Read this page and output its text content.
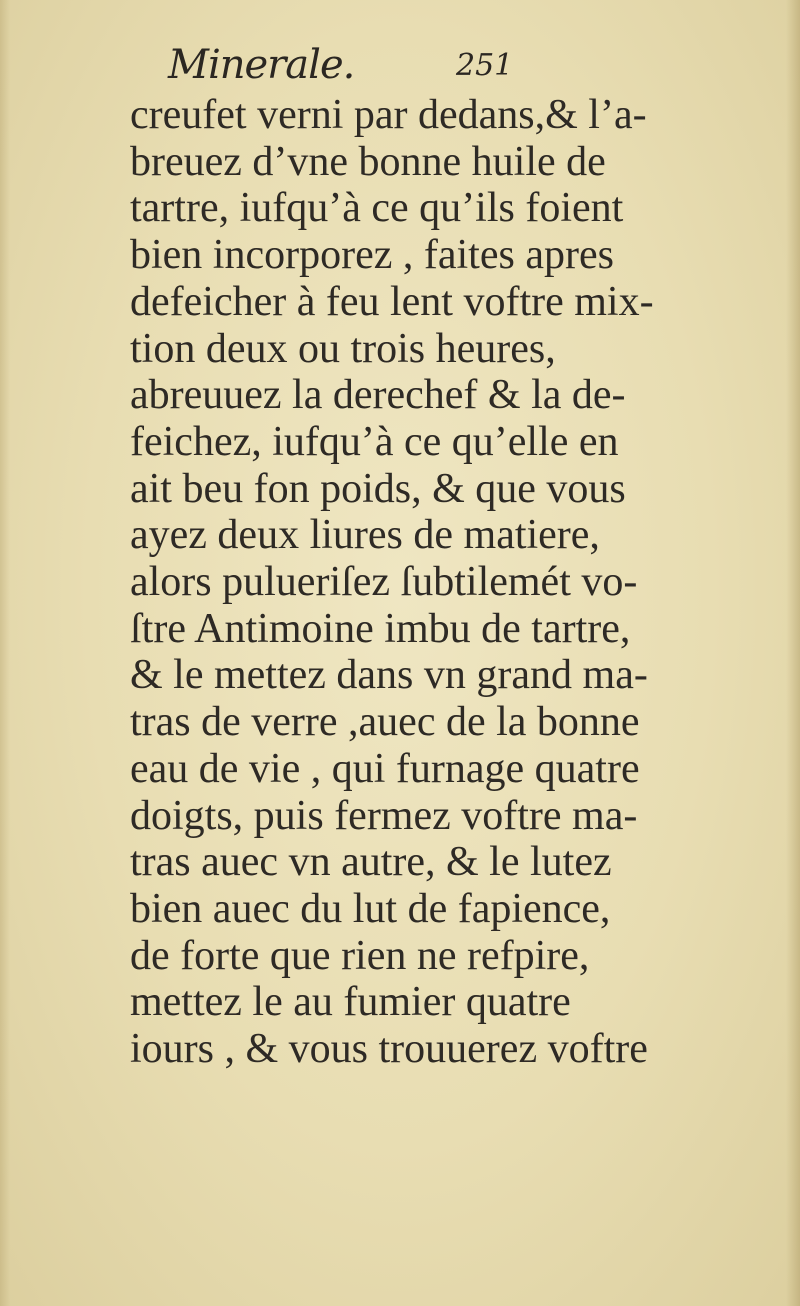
Minerale.	251
creufet verni par dedans,& l’a-
breuez d’vne bonne huile de
tartre, iufqu’à ce qu’ils foient
bien incorporez , faites apres
defeicher à feu lent voftre mix-
tion deux ou trois heures,
abreuuez la derechef & la de-
feichez, iufqu’à ce qu’elle en
ait beu fon poids, & que vous
ayez deux liures de matiere,
alors pulueriſez ſubtilemét vo-
ſtre Antimoine imbu de tartre,
& le mettez dans vn grand ma-
tras de verre ,auec de la bonne
eau de vie , qui furnage quatre
doigts, puis fermez voftre ma-
tras auec vn autre, & le lutez
bien auec du lut de fapience,
de forte que rien ne refpire,
mettez le au fumier quatre
iours , & vous trouuerez voftre
